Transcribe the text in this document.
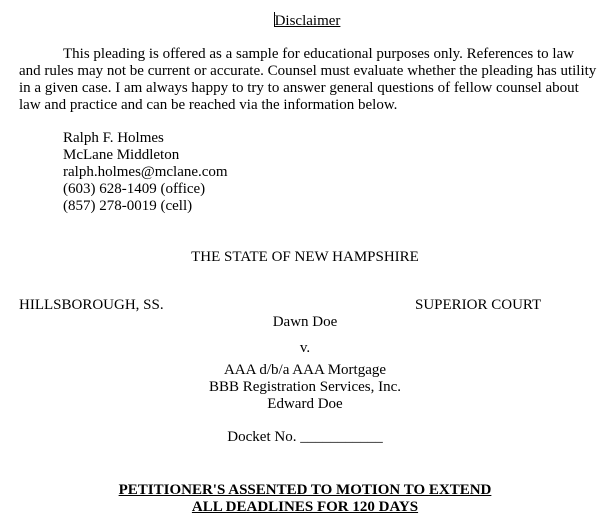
Disclaimer

This pleading is offered as a sample for educational purposes only. References to law and rules may not be current or accurate. Counsel must evaluate whether the pleading has utility in a given case. I am always happy to try to answer general questions of fellow counsel about law and practice and can be reached via the information below.

Ralph F. Holmes
McLane Middleton
ralph.holmes@mclane.com
(603) 628-1409 (office)
(857) 278-0019 (cell)
THE STATE OF NEW HAMPSHIRE
HILLSBOROUGH, SS.	SUPERIOR COURT
Dawn Doe
v.
AAA d/b/a AAA Mortgage
BBB Registration Services, Inc.
Edward Doe
Docket No. ___________
PETITIONER'S ASSENTED TO MOTION TO EXTEND
ALL DEADLINES FOR 120 DAYS
